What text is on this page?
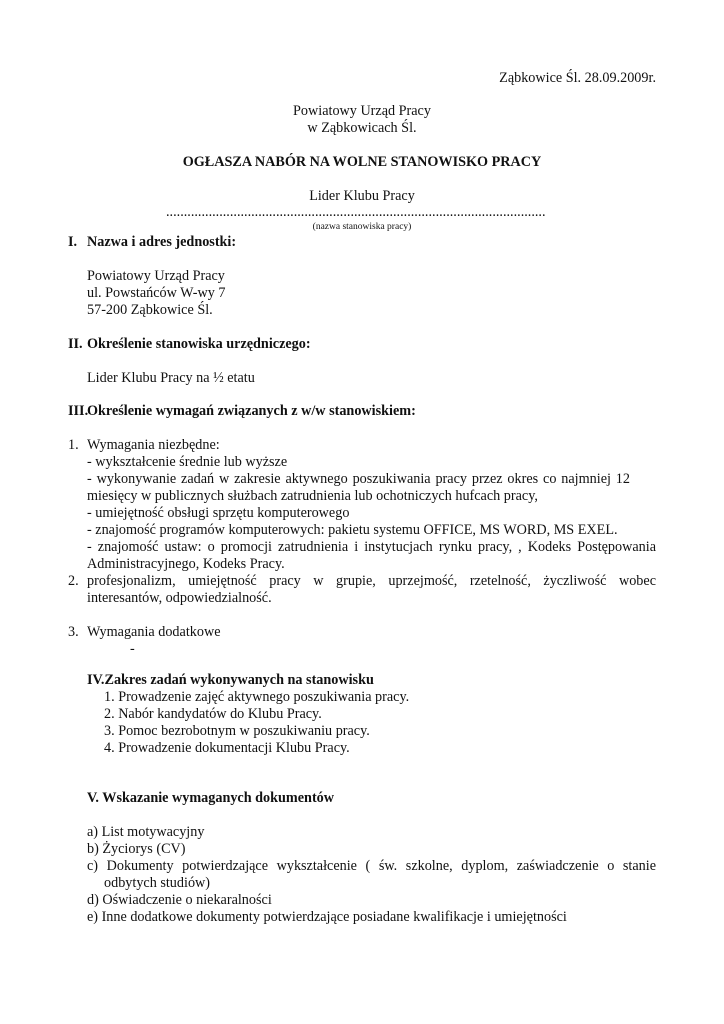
Ząbkowice Śl. 28.09.2009r.
Powiatowy Urząd Pracy
w Ząbkowicach Śl.
OGŁASZA NABÓR NA WOLNE STANOWISKO PRACY
Lider Klubu Pracy
...........................................................................................................
(nazwa stanowiska pracy)
I. Nazwa i adres jednostki:
Powiatowy Urząd Pracy
ul. Powstańców W-wy 7
57-200 Ząbkowice Śl.
II. Określenie stanowiska urzędniczego:
Lider Klubu Pracy na ½ etatu
III.
Określenie wymagań związanych z w/w stanowiskiem:
1. Wymagania niezbędne:
- wykształcenie średnie lub wyższe
- wykonywanie zadań w zakresie aktywnego poszukiwania pracy przez okres co najmniej 12
miesięcy w publicznych służbach zatrudnienia lub ochotniczych hufcach pracy,
- umiejętność obsługi sprzętu komputerowego
- znajomość programów komputerowych: pakietu systemu OFFICE, MS WORD, MS EXEL.
- znajomość ustaw: o promocji zatrudnienia i instytucjach rynku pracy, , Kodeks Postępowania
Administracyjnego, Kodeks Pracy.
2. profesjonalizm, umiejętność pracy w grupie, uprzejmość, rzetelność, życzliwość wobec
interesantów, odpowiedzialność.
3. Wymagania dodatkowe
-
IV.Zakres zadań wykonywanych na stanowisku
1. Prowadzenie zajęć aktywnego poszukiwania pracy.
2. Nabór kandydatów do Klubu Pracy.
3. Pomoc bezrobotnym w poszukiwaniu pracy.
4. Prowadzenie dokumentacji Klubu Pracy.
V. Wskazanie wymaganych dokumentów
a) List motywacyjny
b) Życiorys (CV)
c) Dokumenty potwierdzające wykształcenie ( św. szkolne, dyplom, zaświadczenie o stanie
odbytych studiów)
d) Oświadczenie o niekaralności
e) Inne dodatkowe dokumenty potwierdzające posiadane kwalifikacje i umiejętności
